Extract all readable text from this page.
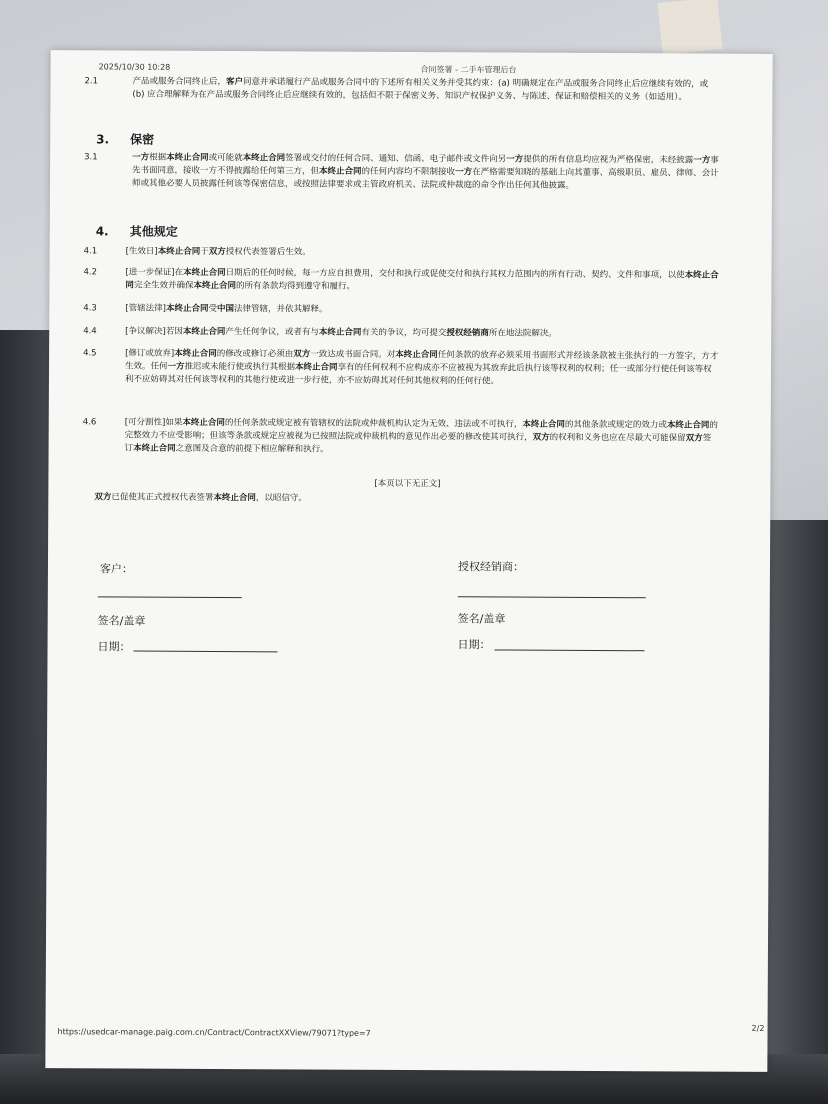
2025/10/30 10:28	合同签署 - 二手车管理后台
2.1	产品或服务合同终止后，客户同意并承诺履行产品或服务合同中的下述所有相关义务并受其约束：(a) 明确规定在产品或服务合同终止后应继续有效的，或 (b) 应合理解释为在产品或服务合同终止后应继续有效的，包括但不限于保密义务、知识产权保护义务、与陈述、保证和赔偿相关的义务（如适用）。
3. 保密
3.1	一方根据本终止合同或可能就本终止合同签署或交付的任何合同、通知、信函、电子邮件或文件向另一方提供的所有信息均应视为严格保密，未经披露一方事先书面同意，接收一方不得披露给任何第三方，但本终止合同的任何内容均不限制接收一方在严格需要知晓的基础上向其董事、高级职员、雇员、律师、会计师或其他必要人员披露任何该等保密信息，或按照法律要求或主管政府机关、法院或仲裁庭的命令作出任何其他披露。
4. 其他规定
4.1	[生效日]本终止合同于双方授权代表签署后生效。
4.2	[进一步保证]在本终止合同日期后的任何时候，每一方应自担费用，交付和执行或促使交付和执行其权力范围内的所有行动、契约、文件和事项，以使本终止合同完全生效并确保本终止合同的所有条款均得到遵守和履行。
4.3	[管辖法律]本终止合同受中国法律管辖，并依其解释。
4.4	[争议解决]若因本终止合同产生任何争议，或者有与本终止合同有关的争议，均可提交授权经销商所在地法院解决。
4.5	[修订或放弃]本终止合同的修改或修订必须由双方一致达成书面合同。对本终止合同任何条款的放弃必须采用书面形式并经该条款被主张执行的一方签字，方才生效。任何一方推迟或未能行使或执行其根据本终止合同享有的任何权利不应构成亦不应被视为其放弃此后执行该等权利的权利；任一或部分行使任何该等权利不应妨碍其对任何该等权利的其他行使或进一步行使，亦不应妨碍其对任何其他权利的任何行使。
4.6	[可分割性]如果本终止合同的任何条款或规定被有管辖权的法院或仲裁机构认定为无效、违法或不可执行，本终止合同的其他条款或规定的效力或本终止合同的完整效力不应受影响；但该等条款或规定应被视为已按照法院或仲裁机构的意见作出必要的修改使其可执行，双方的权利和义务也应在尽最大可能保留双方签订本终止合同之意图及合意的前提下相应解释和执行。
[本页以下无正文]
双方已促使其正式授权代表签署本终止合同，以昭信守。
客户：
签名/盖章
日期：
授权经销商：
签名/盖章
日期：
https://usedcar-manage.paig.com.cn/Contract/ContractXXView/79071?type=7	2/2
